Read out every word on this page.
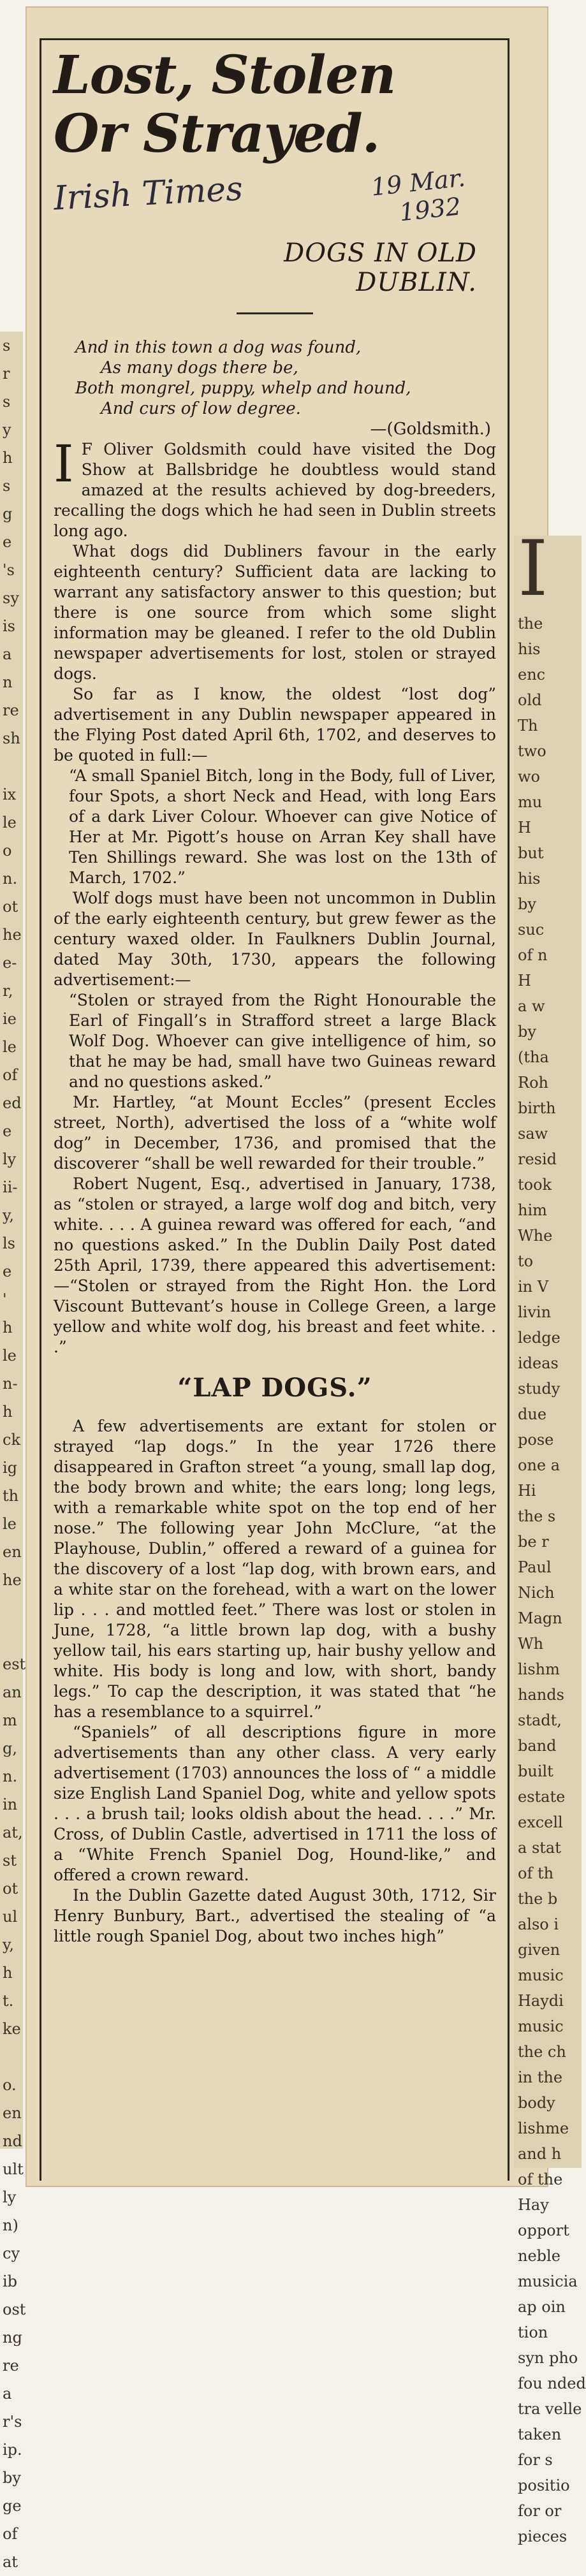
s
r
s
y
h
s
g
e
's
sy
is
a
n
re
sh

ix
le
o
n.
ot
he
e-
r,
ie
le
of
ed
e
ly
ii-
y,
ls
e
'
h
le
n-
h
ck
ig
th
le
en
he

est
an
m
g,
n.
in
at,
st
ot
ul
y,
h
t.
ke

o.
en
nd
ult
ly
n)
cy
ib
ost
ng
re
a
r's
ip.
by
ge
of
at
I
the
his
enc
old
Th
two
wo
mu
H
but
his
by
suc
of n
H
a w
by
(tha
Roh
birth
saw
resid
took
him
Whe
to
in V
livin
ledge
ideas
study
due
pose
one a
Hi
the s
be r
Paul
Nich
Magn
Wh
lishm
hands
stadt,
band
built
estate
excell
a stat
of th
the b
also i
given
music
Haydi
music
the ch
in the
body
lishme
and h
of the
Hay
opport
neble
musicia
ap oin
tion
syn pho
fou nded
tra velle
taken
for s
positio
for or
pieces
Lost, Stolen
Or Strayed.
Irish Times	19 Mar.
1932
DOGS IN OLD
DUBLIN.
And in this town a dog was found,
As many dogs there be,
Both mongrel, puppy, whelp and hound,
And curs of low degree.
—(Goldsmith.)

I F Oliver Goldsmith could have visited the Dog Show at Ballsbridge he doubtless would stand amazed at the results achieved by dog-breeders, recalling the dogs which he had seen in Dublin streets long ago.

What dogs did Dubliners favour in the early eighteenth century? Sufficient data are lacking to warrant any satisfactory answer to this question; but there is one source from which some slight information may be gleaned. I refer to the old Dublin newspaper advertisements for lost, stolen or strayed dogs.

So far as I know, the oldest “lost dog” advertisement in any Dublin newspaper appeared in the Flying Post dated April 6th, 1702, and deserves to be quoted in full:—

“A small Spaniel Bitch, long in the Body, full of Liver, four Spots, a short Neck and Head, with long Ears of a dark Liver Colour. Whoever can give Notice of Her at Mr. Pigott’s house on Arran Key shall have Ten Shillings reward. She was lost on the 13th of March, 1702.”

Wolf dogs must have been not uncommon in Dublin of the early eighteenth century, but grew fewer as the century waxed older. In Faulkners Dublin Journal, dated May 30th, 1730, appears the following advertisement:—

“Stolen or strayed from the Right Honourable the Earl of Fingall’s in Strafford street a large Black Wolf Dog. Whoever can give intelligence of him, so that he may be had, small have two Guineas reward and no questions asked.”

Mr. Hartley, “at Mount Eccles” (present Eccles street, North), advertised the loss of a “white wolf dog” in December, 1736, and promised that the discoverer “shall be well rewarded for their trouble.”

Robert Nugent, Esq., advertised in January, 1738, as “stolen or strayed, a large wolf dog and bitch, very white. . . . A guinea reward was offered for each, “and no questions asked.” In the Dublin Daily Post dated 25th April, 1739, there appeared this advertisement:—“Stolen or strayed from the Right Hon. the Lord Viscount Buttevant’s house in College Green, a large yellow and white wolf dog, his breast and feet white. . .”

“LAP DOGS.”

A few advertisements are extant for stolen or strayed “lap dogs.” In the year 1726 there disappeared in Grafton street “a young, small lap dog, the body brown and white; the ears long; long legs, with a remarkable white spot on the top end of her nose.” The following year John McClure, “at the Playhouse, Dublin,” offered a reward of a guinea for the discovery of a lost “lap dog, with brown ears, and a white star on the forehead, with a wart on the lower lip . . . and mottled feet.” There was lost or stolen in June, 1728, “a little brown lap dog, with a bushy yellow tail, his ears starting up, hair bushy yellow and white. His body is long and low, with short, bandy legs.” To cap the description, it was stated that “he has a resemblance to a squirrel.”

“Spaniels” of all descriptions figure in more advertisements than any other class. A very early advertisement (1703) announces the loss of “ a middle size English Land Spaniel Dog, white and yellow spots . . . a brush tail; looks oldish about the head. . . .” Mr. Cross, of Dublin Castle, advertised in 1711 the loss of a “White French Spaniel Dog, Hound-like,” and offered a crown reward.

In the Dublin Gazette dated August 30th, 1712, Sir Henry Bunbury, Bart., advertised the stealing of “a little rough Spaniel Dog, about two inches high”
